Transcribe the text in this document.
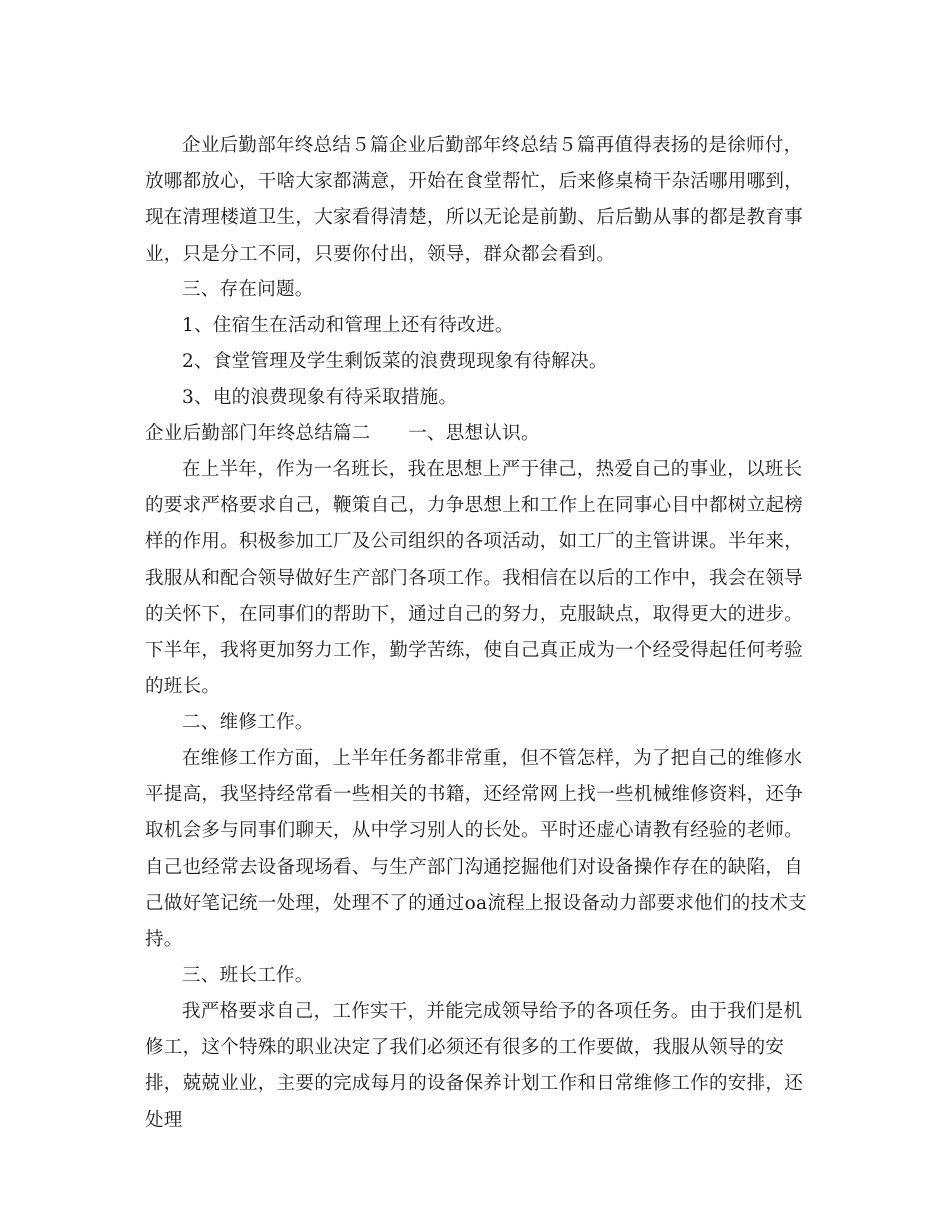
企业后勤部年终总结５篇企业后勤部年终总结５篇再值得表扬的是徐师付，放哪都放心，干啥大家都满意，开始在食堂帮忙，后来修桌椅干杂活哪用哪到，现在清理楼道卫生，大家看得清楚，所以无论是前勤、后后勤从事的都是教育事业，只是分工不同，只要你付出，领导，群众都会看到。

三、存在问题。

1、住宿生在活动和管理上还有待改进。

2、食堂管理及学生剩饭菜的浪费现现象有待解决。

3、电的浪费现象有待采取措施。

企业后勤部门年终总结篇二　　一、思想认识。

在上半年，作为一名班长，我在思想上严于律己，热爱自己的事业，以班长的要求严格要求自己，鞭策自己，力争思想上和工作上在同事心目中都树立起榜样的作用。积极参加工厂及公司组织的各项活动，如工厂的主管讲课。半年来，我服从和配合领导做好生产部门各项工作。我相信在以后的工作中，我会在领导的关怀下，在同事们的帮助下，通过自己的努力，克服缺点，取得更大的进步。下半年，我将更加努力工作，勤学苦练，使自己真正成为一个经受得起任何考验的班长。

二、维修工作。

在维修工作方面，上半年任务都非常重，但不管怎样，为了把自己的维修水平提高，我坚持经常看一些相关的书籍，还经常网上找一些机械维修资料，还争取机会多与同事们聊天，从中学习别人的长处。平时还虚心请教有经验的老师。自己也经常去设备现场看、与生产部门沟通挖掘他们对设备操作存在的缺陷，自己做好笔记统一处理，处理不了的通过oa流程上报设备动力部要求他们的技术支持。

三、班长工作。

我严格要求自己，工作实干，并能完成领导给予的各项任务。由于我们是机修工，这个特殊的职业决定了我们必须还有很多的工作要做，我服从领导的安排，兢兢业业，主要的完成每月的设备保养计划工作和日常维修工作的安排，还处理
